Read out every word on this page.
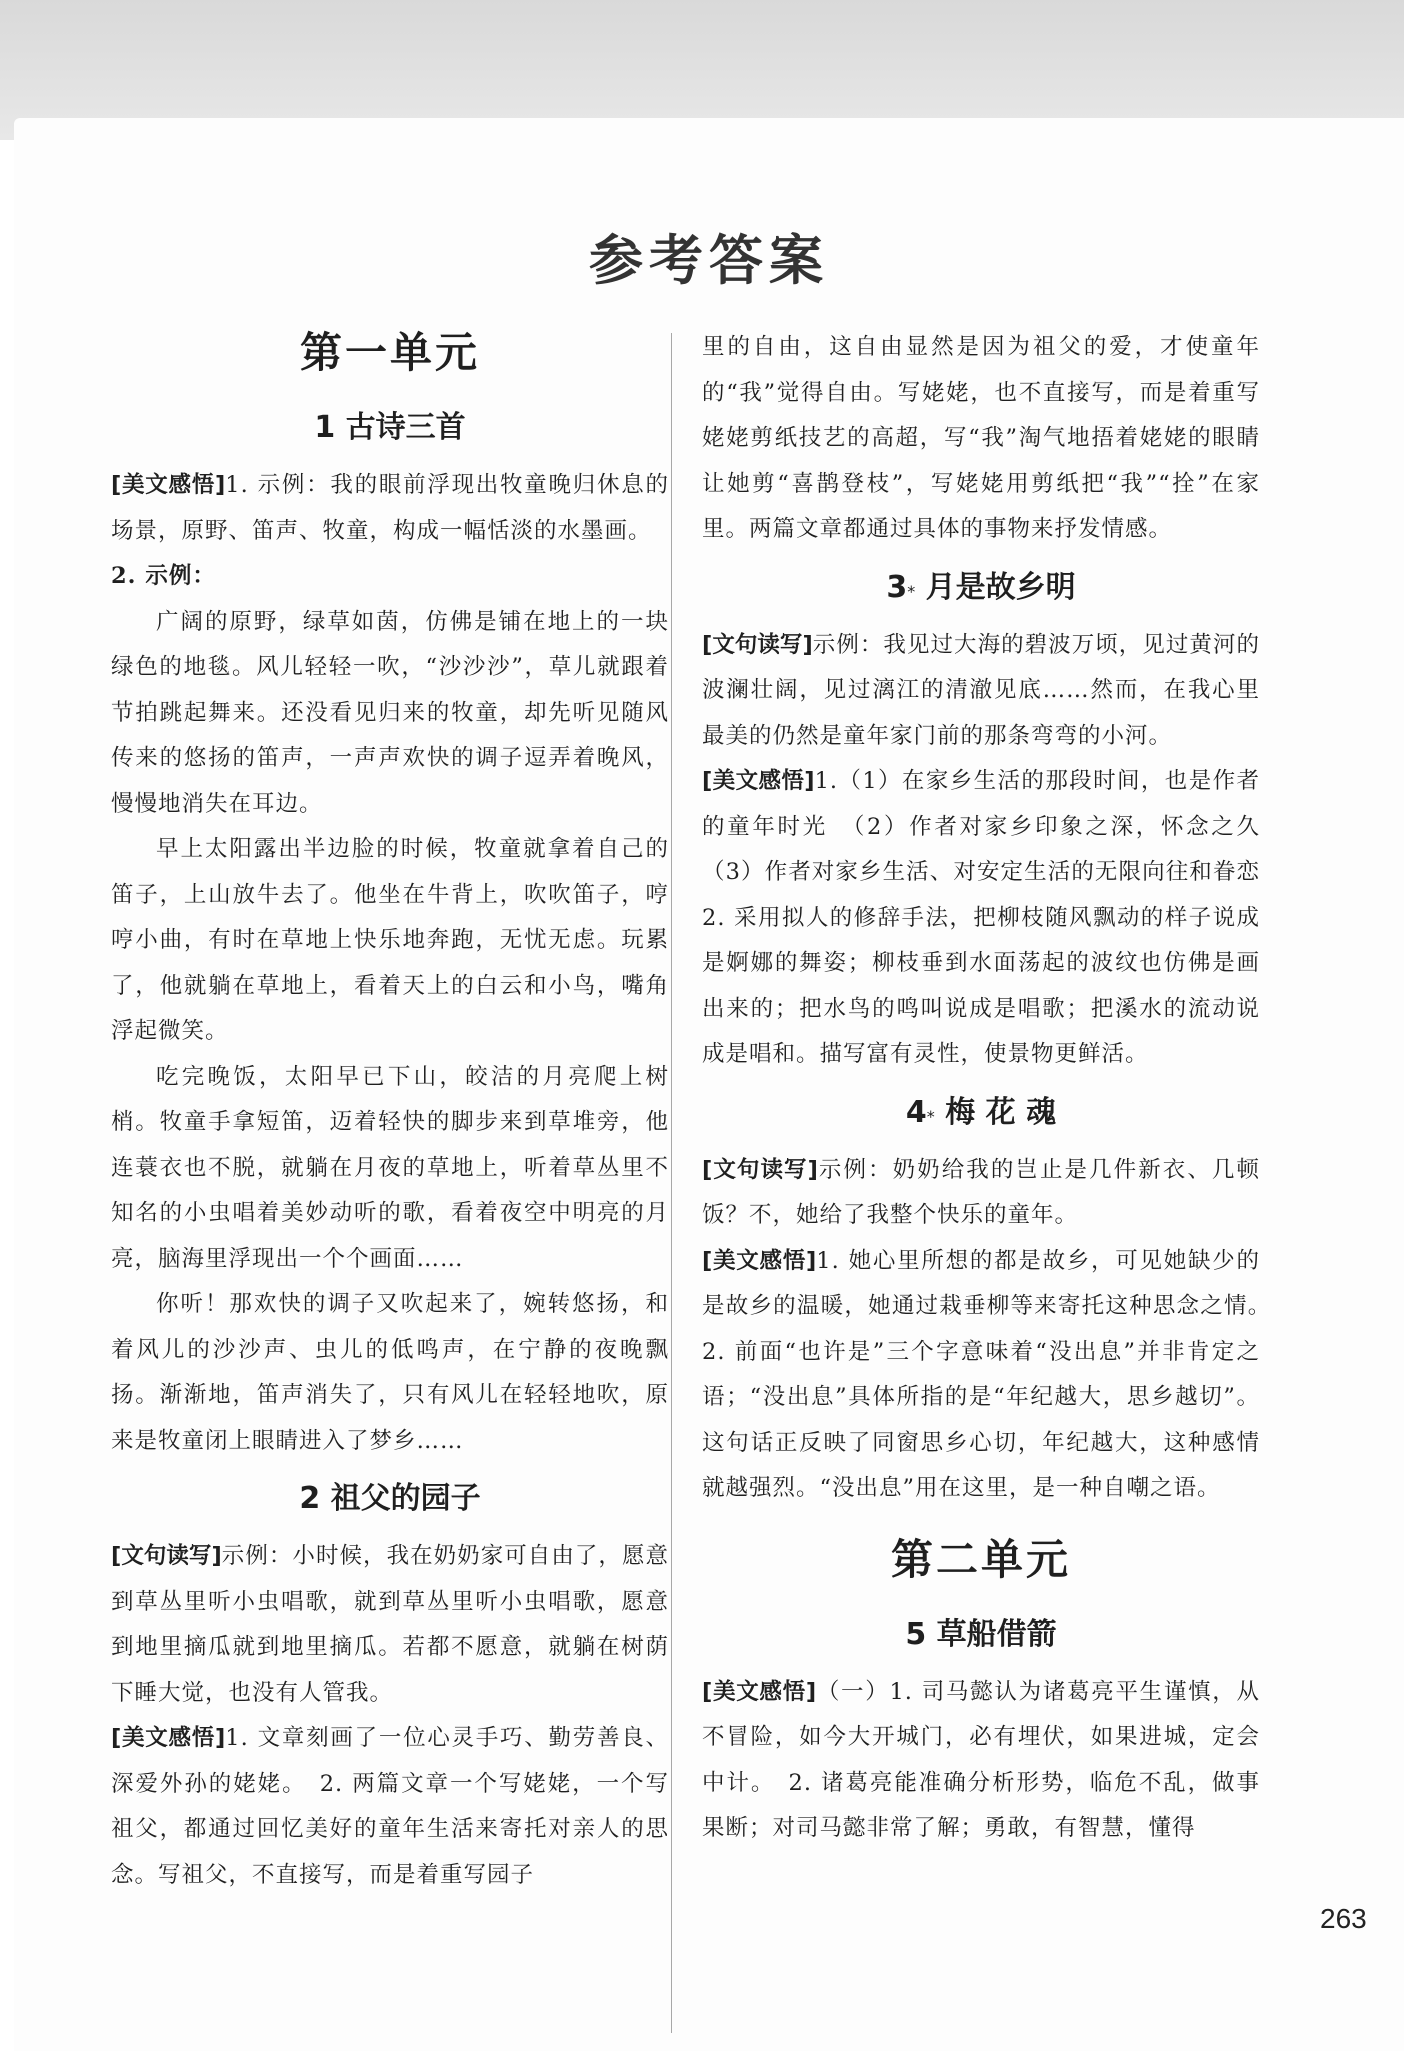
参考答案
第一单元
1 古诗三首

[美文感悟]1. 示例：我的眼前浮现出牧童晚归休息的场景，原野、笛声、牧童，构成一幅恬淡的水墨画。

2. 示例：

广阔的原野，绿草如茵，仿佛是铺在地上的一块绿色的地毯。风儿轻轻一吹，“沙沙沙”，草儿就跟着节拍跳起舞来。还没看见归来的牧童，却先听见随风传来的悠扬的笛声，一声声欢快的调子逗弄着晚风，慢慢地消失在耳边。

早上太阳露出半边脸的时候，牧童就拿着自己的笛子，上山放牛去了。他坐在牛背上，吹吹笛子，哼哼小曲，有时在草地上快乐地奔跑，无忧无虑。玩累了，他就躺在草地上，看着天上的白云和小鸟，嘴角浮起微笑。

吃完晚饭，太阳早已下山，皎洁的月亮爬上树梢。牧童手拿短笛，迈着轻快的脚步来到草堆旁，他连蓑衣也不脱，就躺在月夜的草地上，听着草丛里不知名的小虫唱着美妙动听的歌，看着夜空中明亮的月亮，脑海里浮现出一个个画面……

你听！那欢快的调子又吹起来了，婉转悠扬，和着风儿的沙沙声、虫儿的低鸣声，在宁静的夜晚飘扬。渐渐地，笛声消失了，只有风儿在轻轻地吹，原来是牧童闭上眼睛进入了梦乡……

2 祖父的园子

[文句读写]示例：小时候，我在奶奶家可自由了，愿意到草丛里听小虫唱歌，就到草丛里听小虫唱歌，愿意到地里摘瓜就到地里摘瓜。若都不愿意，就躺在树荫下睡大觉，也没有人管我。

[美文感悟]1. 文章刻画了一位心灵手巧、勤劳善良、深爱外孙的姥姥。　2. 两篇文章一个写姥姥，一个写祖父，都通过回忆美好的童年生活来寄托对亲人的思念。写祖父，不直接写，而是着重写园子

里的自由，这自由显然是因为祖父的爱，才使童年的“我”觉得自由。写姥姥，也不直接写，而是着重写姥姥剪纸技艺的高超，写“我”淘气地捂着姥姥的眼睛让她剪“喜鹊登枝”，写姥姥用剪纸把“我”“拴”在家里。两篇文章都通过具体的事物来抒发情感。

3* 月是故乡明

[文句读写]示例：我见过大海的碧波万顷，见过黄河的波澜壮阔，见过漓江的清澈见底……然而，在我心里最美的仍然是童年家门前的那条弯弯的小河。

[美文感悟]1.（1）在家乡生活的那段时间，也是作者的童年时光　（2）作者对家乡印象之深，怀念之久　（3）作者对家乡生活、对安定生活的无限向往和眷恋　2. 采用拟人的修辞手法，把柳枝随风飘动的样子说成是婀娜的舞姿；柳枝垂到水面荡起的波纹也仿佛是画出来的；把水鸟的鸣叫说成是唱歌；把溪水的流动说成是唱和。描写富有灵性，使景物更鲜活。

4* 梅 花 魂

[文句读写]示例：奶奶给我的岂止是几件新衣、几顿饭？不，她给了我整个快乐的童年。

[美文感悟]1. 她心里所想的都是故乡，可见她缺少的是故乡的温暖，她通过栽垂柳等来寄托这种思念之情。　2. 前面“也许是”三个字意味着“没出息”并非肯定之语；“没出息”具体所指的是“年纪越大，思乡越切”。这句话正反映了同窗思乡心切，年纪越大，这种感情就越强烈。“没出息”用在这里，是一种自嘲之语。

第二单元
5 草船借箭

[美文感悟]（一）1. 司马懿认为诸葛亮平生谨慎，从不冒险，如今大开城门，必有埋伏，如果进城，定会中计。　2. 诸葛亮能准确分析形势，临危不乱，做事果断；对司马懿非常了解；勇敢，有智慧，懂得

263
